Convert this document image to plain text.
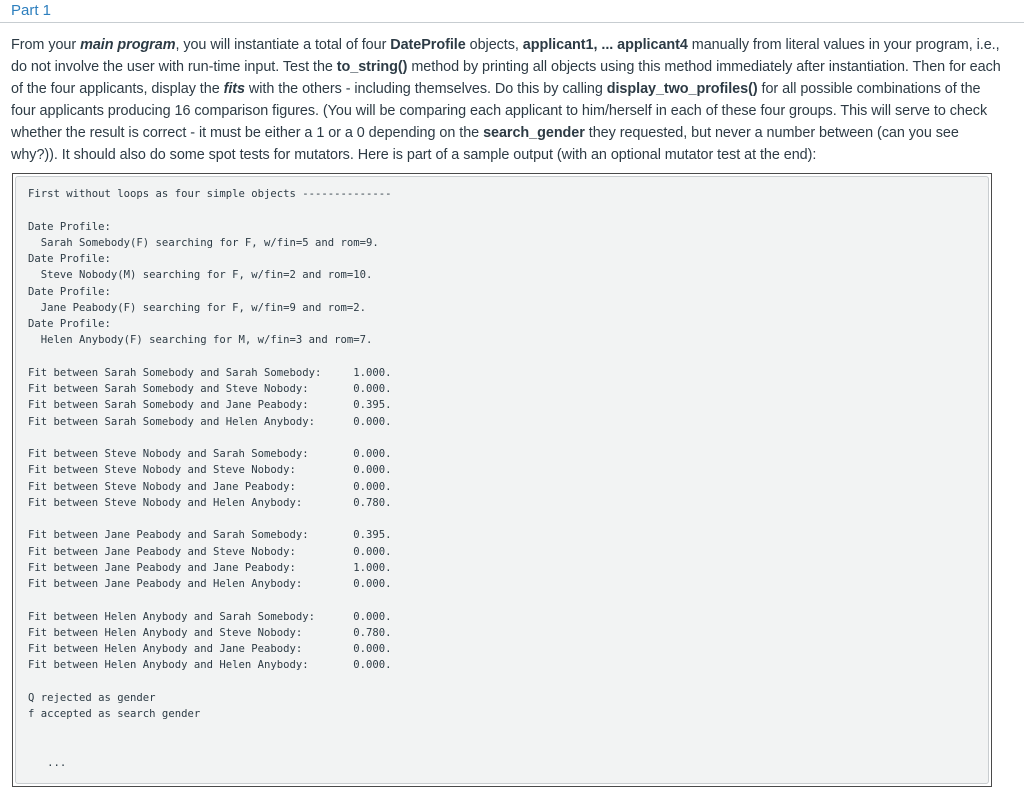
Part 1

From your main program, you will instantiate a total of four DateProfile objects, applicant1, ... applicant4 manually from literal values in your program, i.e., do not involve the user with run-time input. Test the to_string() method by printing all objects using this method immediately after instantiation. Then for each of the four applicants, display the fits with the others - including themselves. Do this by calling display_two_profiles() for all possible combinations of the four applicants producing 16 comparison figures. (You will be comparing each applicant to him/herself in each of these four groups. This will serve to check whether the result is correct - it must be either a 1 or a 0 depending on the search_gender they requested, but never a number between (can you see why?)). It should also do some spot tests for mutators. Here is part of a sample output (with an optional mutator test at the end):

First without loops as four simple objects --------------
Date Profile:
Sarah Somebody(F) searching for F, w/fin=5 and rom=9.
Date Profile:
Steve Nobody(M) searching for F, w/fin=2 and rom=10.
Date Profile:
Jane Peabody(F) searching for F, w/fin=9 and rom=2.
Date Profile:
Helen Anybody(F) searching for M, w/fin=3 and rom=7.
Fit between Sarah Somebody and Sarah Somebody:     1.000.
Fit between Sarah Somebody and Steve Nobody:       0.000.
Fit between Sarah Somebody and Jane Peabody:       0.395.
Fit between Sarah Somebody and Helen Anybody:      0.000.
Fit between Steve Nobody and Sarah Somebody:       0.000.
Fit between Steve Nobody and Steve Nobody:         0.000.
Fit between Steve Nobody and Jane Peabody:         0.000.
Fit between Steve Nobody and Helen Anybody:        0.780.
Fit between Jane Peabody and Sarah Somebody:       0.395.
Fit between Jane Peabody and Steve Nobody:         0.000.
Fit between Jane Peabody and Jane Peabody:         1.000.
Fit between Jane Peabody and Helen Anybody:        0.000.
Fit between Helen Anybody and Sarah Somebody:      0.000.
Fit between Helen Anybody and Steve Nobody:        0.780.
Fit between Helen Anybody and Jane Peabody:        0.000.
Fit between Helen Anybody and Helen Anybody:       0.000.
Q rejected as gender
f accepted as search gender
...
